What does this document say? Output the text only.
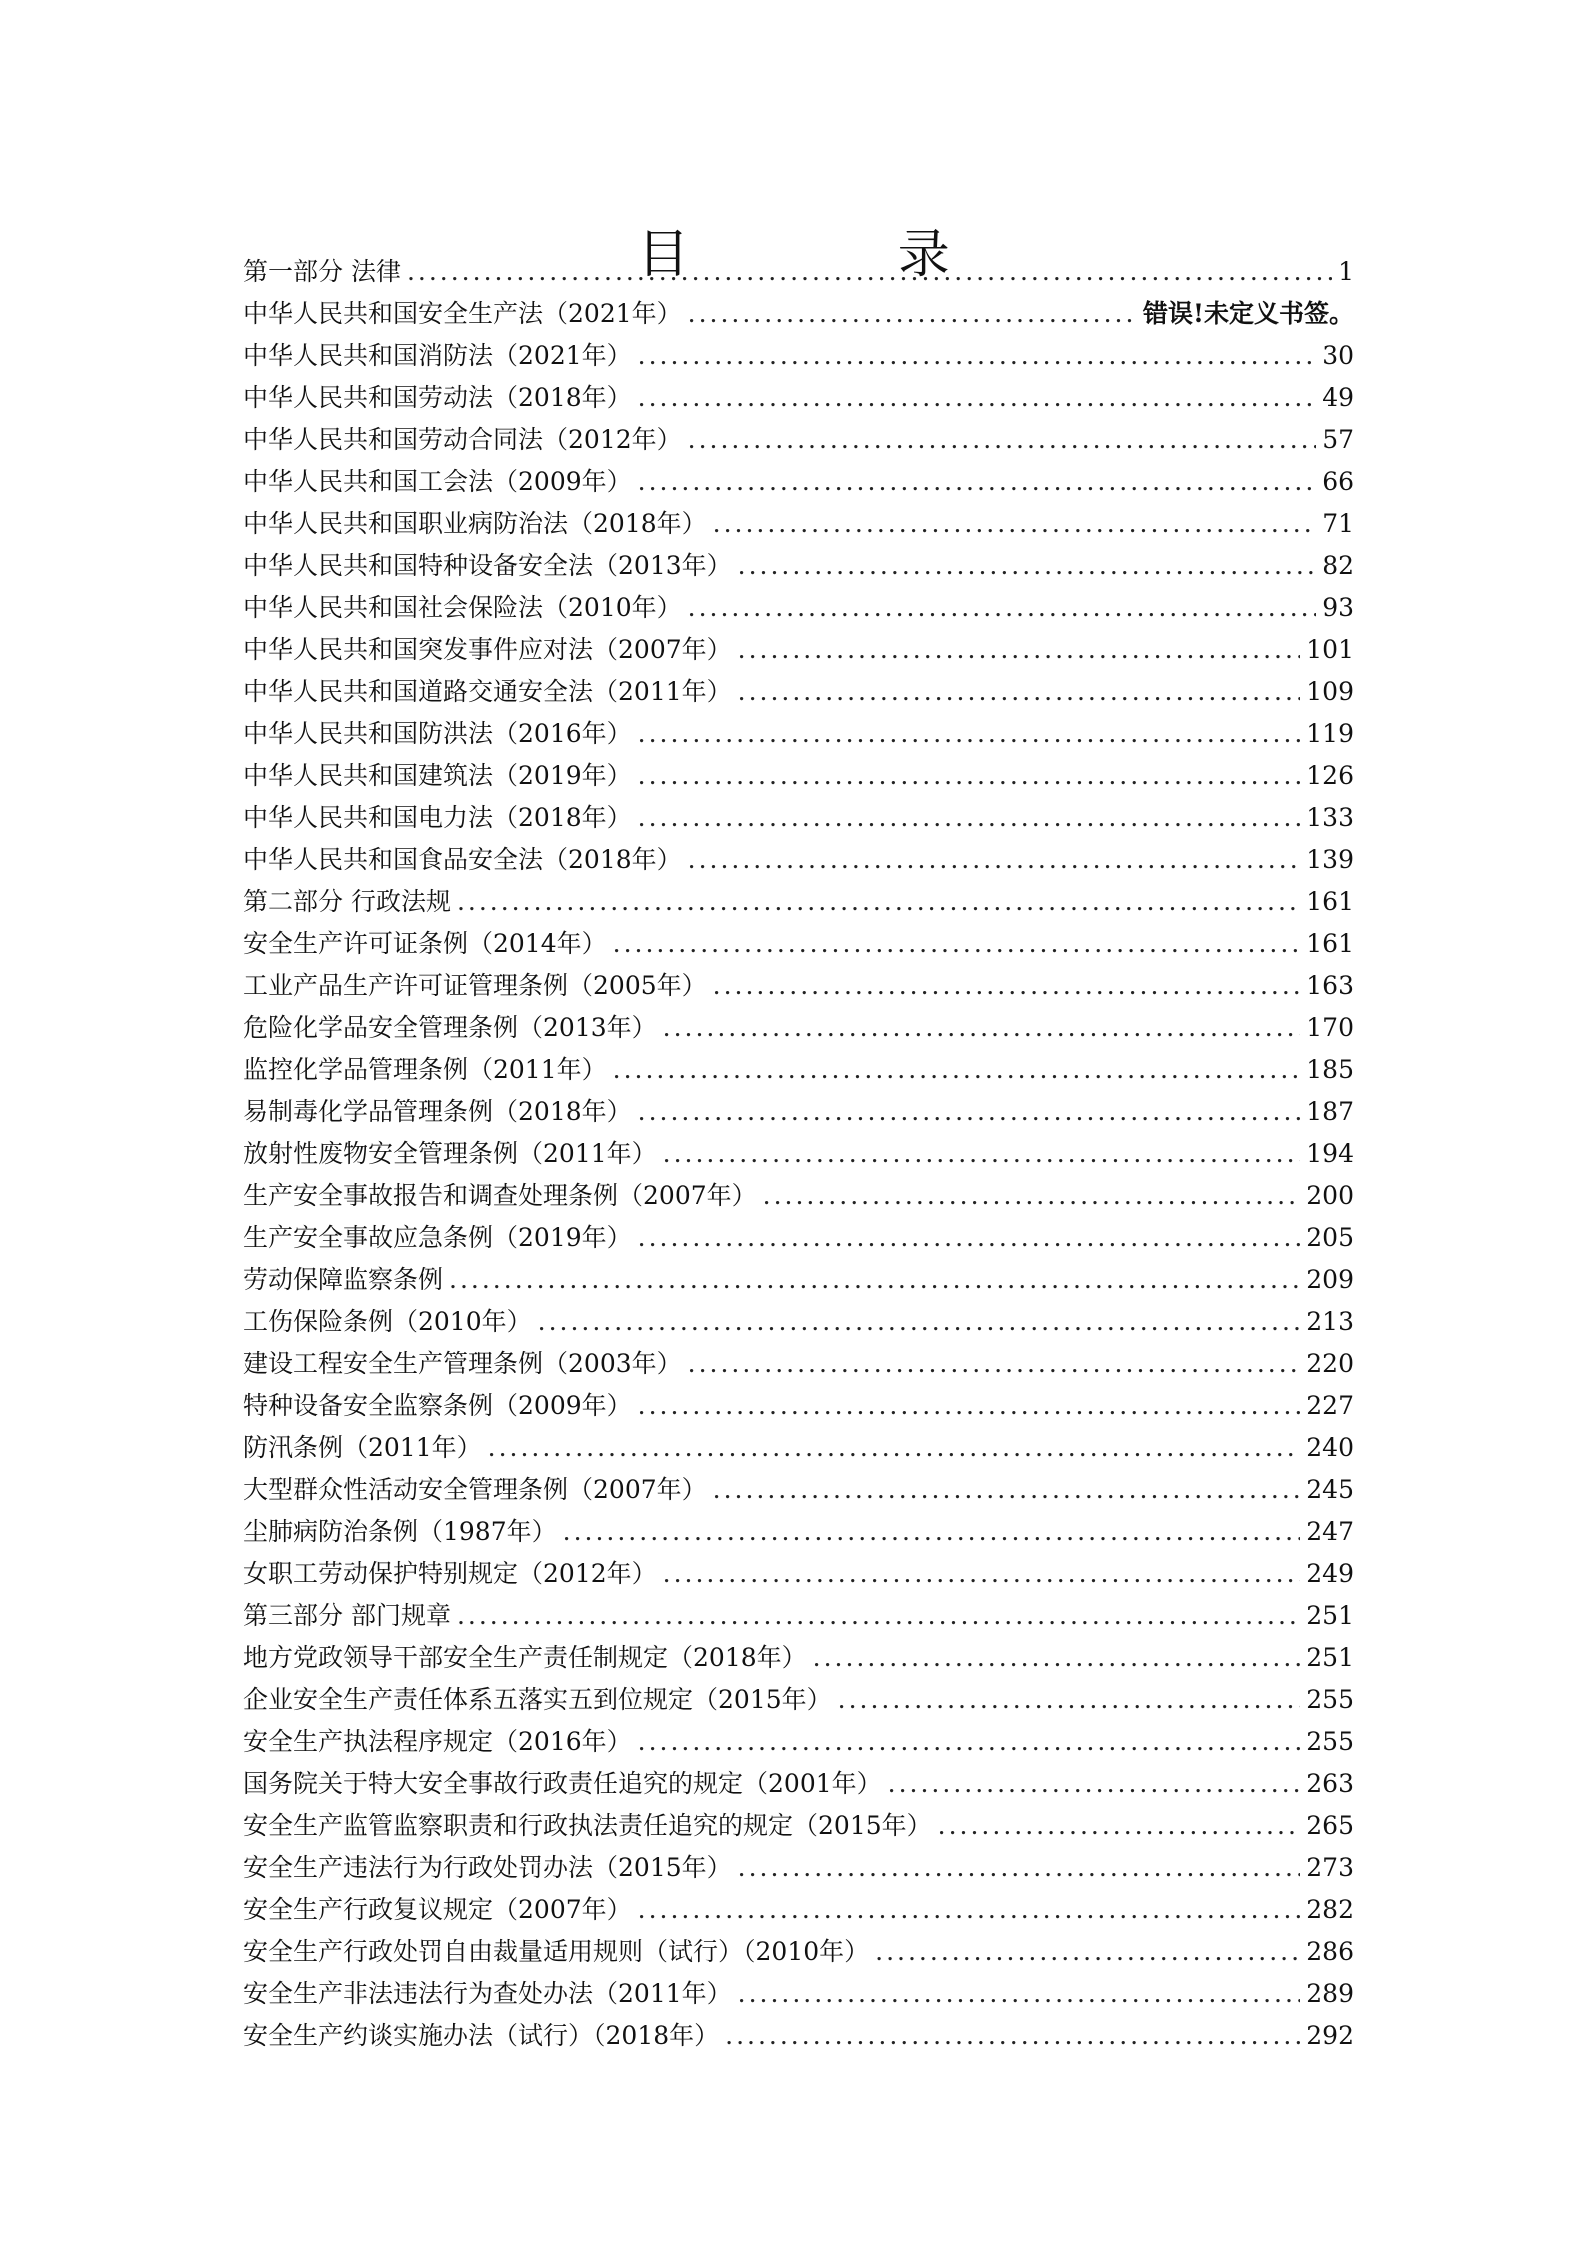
目 录
第一部分 法律 .....	1
中华人民共和国安全生产法（2021年） .....	错误!未定义书签。
中华人民共和国消防法（2021年） .....	30
中华人民共和国劳动法（2018年） .....	49
中华人民共和国劳动合同法（2012年） .....	57
中华人民共和国工会法（2009年） .....	66
中华人民共和国职业病防治法（2018年） .....	71
中华人民共和国特种设备安全法（2013年） .....	82
中华人民共和国社会保险法（2010年） .....	93
中华人民共和国突发事件应对法（2007年） .....	101
中华人民共和国道路交通安全法（2011年） .....	109
中华人民共和国防洪法（2016年） .....	119
中华人民共和国建筑法（2019年） .....	126
中华人民共和国电力法（2018年） .....	133
中华人民共和国食品安全法（2018年） .....	139
第二部分 行政法规 .....	161
安全生产许可证条例（2014年） .....	161
工业产品生产许可证管理条例（2005年） .....	163
危险化学品安全管理条例（2013年） .....	170
监控化学品管理条例（2011年） .....	185
易制毒化学品管理条例（2018年） .....	187
放射性废物安全管理条例（2011年） .....	194
生产安全事故报告和调查处理条例（2007年） .....	200
生产安全事故应急条例（2019年） .....	205
劳动保障监察条例 .....	209
工伤保险条例（2010年） .....	213
建设工程安全生产管理条例（2003年） .....	220
特种设备安全监察条例（2009年） .....	227
防汛条例（2011年） .....	240
大型群众性活动安全管理条例（2007年） .....	245
尘肺病防治条例（1987年） .....	247
女职工劳动保护特别规定（2012年） .....	249
第三部分 部门规章 .....	251
地方党政领导干部安全生产责任制规定（2018年） .....	251
企业安全生产责任体系五落实五到位规定（2015年） .....	255
安全生产执法程序规定（2016年） .....	255
国务院关于特大安全事故行政责任追究的规定（2001年） .....	263
安全生产监管监察职责和行政执法责任追究的规定（2015年） .....	265
安全生产违法行为行政处罚办法（2015年） .....	273
安全生产行政复议规定（2007年） .....	282
安全生产行政处罚自由裁量适用规则（试行）（2010年） .....	286
安全生产非法违法行为查处办法（2011年） .....	289
安全生产约谈实施办法（试行）（2018年） .....	292
